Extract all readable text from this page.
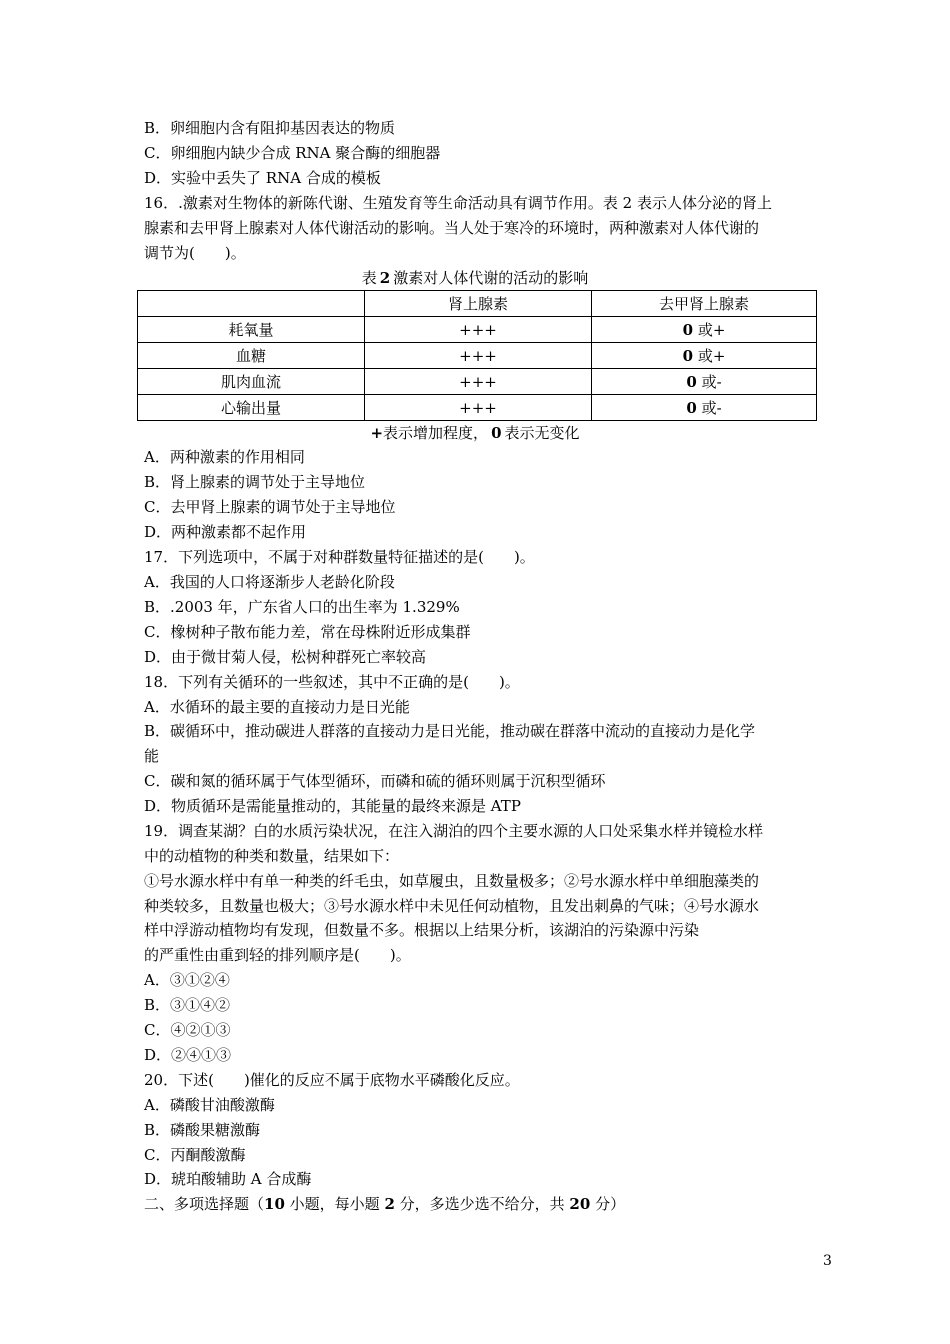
B．卵细胞内含有阻抑基因表达的物质
C．卵细胞内缺少合成 RNA 聚合酶的细胞器
D．实验中丢失了 RNA 合成的模板
16．.激素对生物体的新陈代谢、生殖发育等生命活动具有调节作用。表 2 表示人体分泌的肾上
腺素和去甲肾上腺素对人体代谢活动的影响。当人处于寒冷的环境时，两种激素对人体代谢的
调节为(　　)。
表 2 激素对人体代谢的活动的影响
	肾上腺素	去甲肾上腺素
耗氧量	+++	0 或+
血糖	+++	0 或+
肌肉血流	+++	0 或-
心输出量	+++	0 或-
+表示增加程度， 0 表示无变化
A．两种激素的作用相同
B．肾上腺素的调节处于主导地位
C．去甲肾上腺素的调节处于主导地位
D．两种激素都不起作用
17．下列选项中，不属于对种群数量特征描述的是(　　)。
A．我国的人口将逐渐步人老龄化阶段
B．.2003 年，广东省人口的出生率为 1.329%
C．橡树种子散布能力差，常在母株附近形成集群
D．由于微甘菊人侵，松树种群死亡率较高
18．下列有关循环的一些叙述，其中不正确的是(　　)。
A．水循环的最主要的直接动力是日光能
B．碳循环中，推动碳进人群落的直接动力是日光能，推动碳在群落中流动的直接动力是化学
能
C．碳和氮的循环属于气体型循环，而磷和硫的循环则属于沉积型循环
D．物质循环是需能量推动的，其能量的最终来源是 ATP
19．调查某湖？白的水质污染状况，在注入湖泊的四个主要水源的人口处采集水样并镜检水样
中的动植物的种类和数量，结果如下：
①号水源水样中有单一种类的纤毛虫，如草履虫，且数量极多；②号水源水样中单细胞藻类的
种类较多，且数量也极大；③号水源水样中未见任何动植物，且发出刺鼻的气味；④号水源水
样中浮游动植物均有发现，但数量不多。根据以上结果分析，该湖泊的污染源中污染
的严重性由重到轻的排列顺序是(　　)。
A．③①②④
B．③①④②
C．④②①③
D．②④①③
20．下述(　　)催化的反应不属于底物水平磷酸化反应。
A．磷酸甘油酸激酶
B．磷酸果糖激酶
C．丙酮酸激酶
D．琥珀酸辅助 A 合成酶
二、多项选择题（10 小题，每小题 2 分，多选少选不给分，共 20 分）
3
